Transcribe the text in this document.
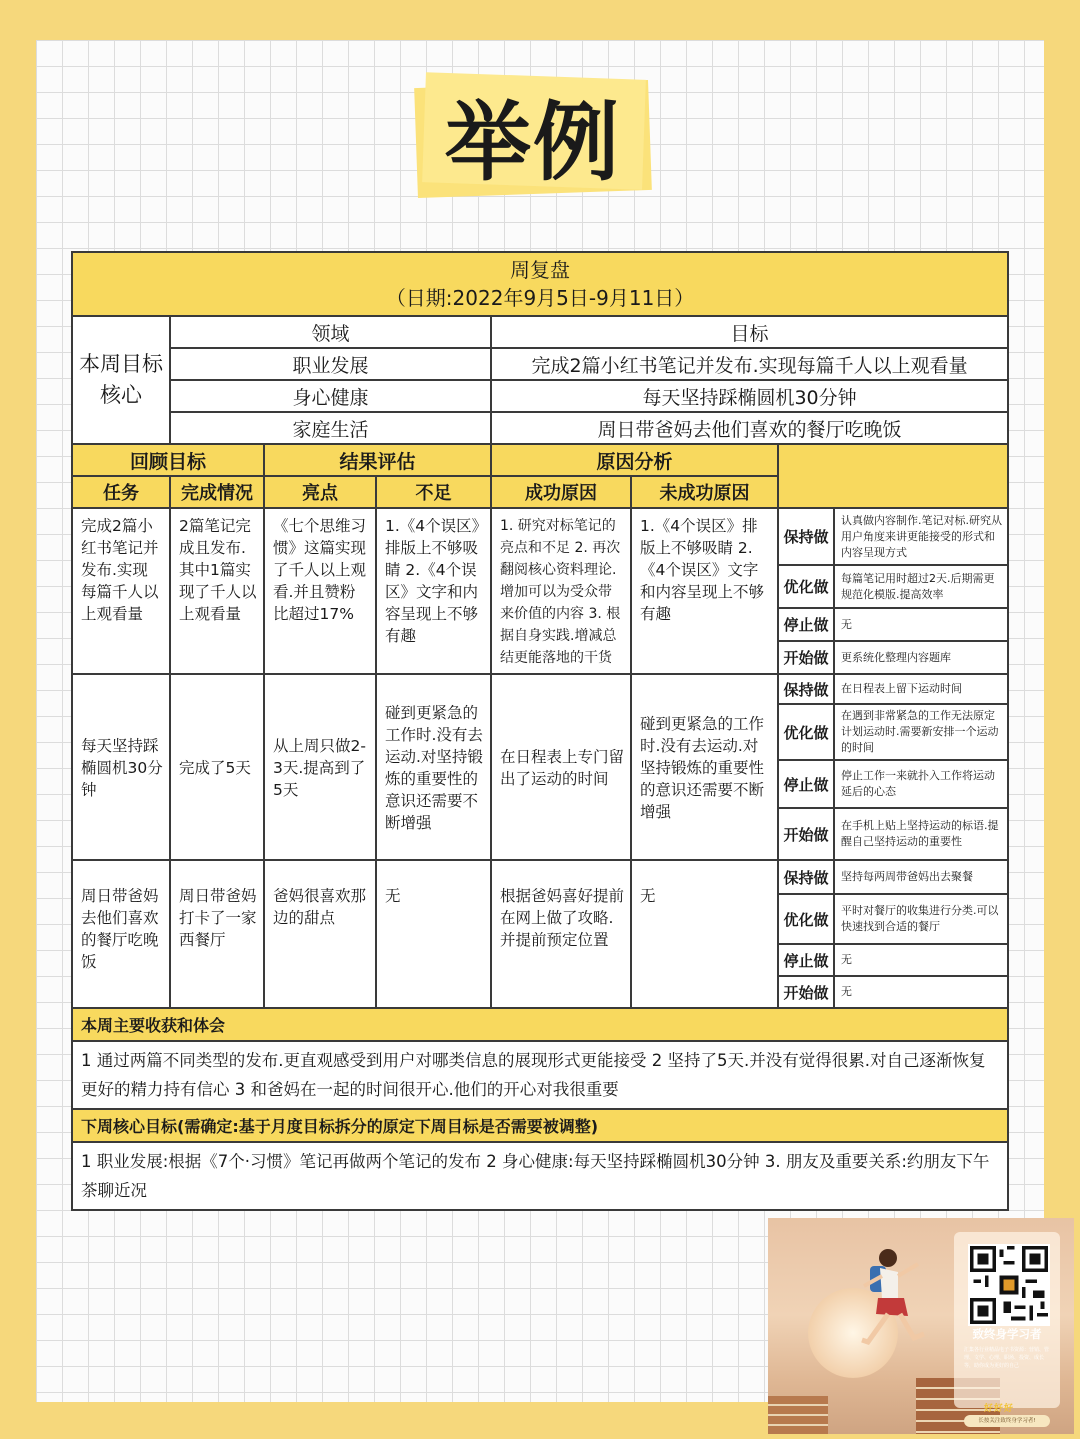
举例
周复盘
（日期:2022年9月5日-9月11日）							

本周目标核心	领域			目标			
	职业发展			完成2篇小红书笔记并发布.实现每篇千人以上观看量			
	身心健康			每天坚持踩椭圆机30分钟			
	家庭生活			周日带爸妈去他们喜欢的餐厅吃晚饭			
回顾目标		结果评估		原因分析			
任务	完成情况	亮点	不足	成功原因	未成功原因		
完成2篇小红书笔记并发布.实现每篇千人以上观看量	2篇笔记完成且发布.其中1篇实现了千人以上观看量	《七个思维习惯》这篇实现了千人以上观看.并且赞粉比超过17%	1.《4个误区》排版上不够吸睛 2.《4个误区》文字和内容呈现上不够有趣	1. 研究对标笔记的亮点和不足 2. 再次翻阅核心资料理论.增加可以为受众带来价值的内容 3. 根据自身实践.增减总结更能落地的干货	1.《4个误区》排版上不够吸睛 2.《4个误区》文字和内容呈现上不够有趣	保持做	认真做内容制作.笔记对标.研究从用户角度来讲更能接受的形式和内容呈现方式
						优化做	每篇笔记用时超过2天.后期需更规范化模版.提高效率
						停止做	无
						开始做	更系统化整理内容题库
每天坚持踩椭圆机30分钟	完成了5天	从上周只做2-3天.提高到了5天	碰到更紧急的工作时.没有去运动.对坚持锻炼的重要性的意识还需要不断增强	在日程表上专门留出了运动的时间	碰到更紧急的工作时.没有去运动.对坚持锻炼的重要性的意识还需要不断增强	保持做	在日程表上留下运动时间
						优化做	在遇到非常紧急的工作无法原定计划运动时.需要新安排一个运动的时间
						停止做	停止工作一来就扑入工作将运动延后的心态
						开始做	在手机上贴上坚持运动的标语.提醒自己坚持运动的重要性
周日带爸妈去他们喜欢的餐厅吃晚饭	周日带爸妈打卡了一家西餐厅	爸妈很喜欢那边的甜点	无	根据爸妈喜好提前在网上做了攻略.并提前预定位置	无	保持做	坚持每两周带爸妈出去聚餐
						优化做	平时对餐厅的收集进行分类.可以快速找到合适的餐厅
						停止做	无
						开始做	无
本周主要收获和体会							
1 通过两篇不同类型的发布.更直观感受到用户对哪类信息的展现形式更能接受 2 坚持了5天.并没有觉得很累.对自己逐渐恢复更好的精力持有信心 3 和爸妈在一起的时间很开心.他们的开心对我很重要							
下周核心目标(需确定:基于月度目标拆分的原定下周目标是否需要被调整)							
1 职业发展:根据《7个·习惯》笔记再做两个笔记的发布 2 身心健康:每天坚持踩椭圆机30分钟 3. 朋友及重要关系:约朋友下午茶聊近况							
致终身学习者
汇集各行业精品电子书资源：营销、管理、文学、心理、职场、投资、成长等，助你成为更好的自己
好好好
长按关注致终身学习者!
